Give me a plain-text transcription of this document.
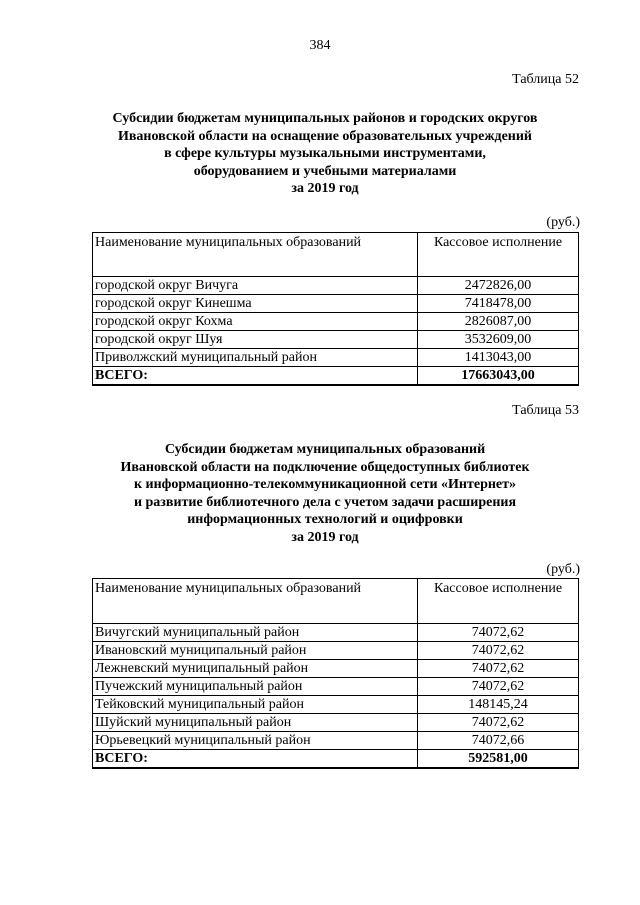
384
Таблица 52
Субсидии бюджетам муниципальных районов и городских округов
Ивановской области на оснащение образовательных учреждений
в сфере культуры музыкальными инструментами,
оборудованием и учебными материалами
за 2019 год
(руб.)
Наименование муниципальных образований	Кассовое исполнение
городской округ Вичуга	2472826,00
городской округ Кинешма	7418478,00
городской округ Кохма	2826087,00
городской округ Шуя	3532609,00
Приволжский муниципальный район	1413043,00
ВСЕГО:	17663043,00
Таблица 53
Субсидии бюджетам муниципальных образований
Ивановской области на подключение общедоступных библиотек
к информационно-телекоммуникационной сети «Интернет»
и развитие библиотечного дела с учетом задачи расширения
информационных технологий и оцифровки
за 2019 год
(руб.)
Наименование муниципальных образований	Кассовое исполнение
Вичугский муниципальный район	74072,62
Ивановский муниципальный район	74072,62
Лежневский муниципальный район	74072,62
Пучежский муниципальный район	74072,62
Тейковский муниципальный район	148145,24
Шуйский муниципальный район	74072,62
Юрьевецкий муниципальный район	74072,66
ВСЕГО:	592581,00
